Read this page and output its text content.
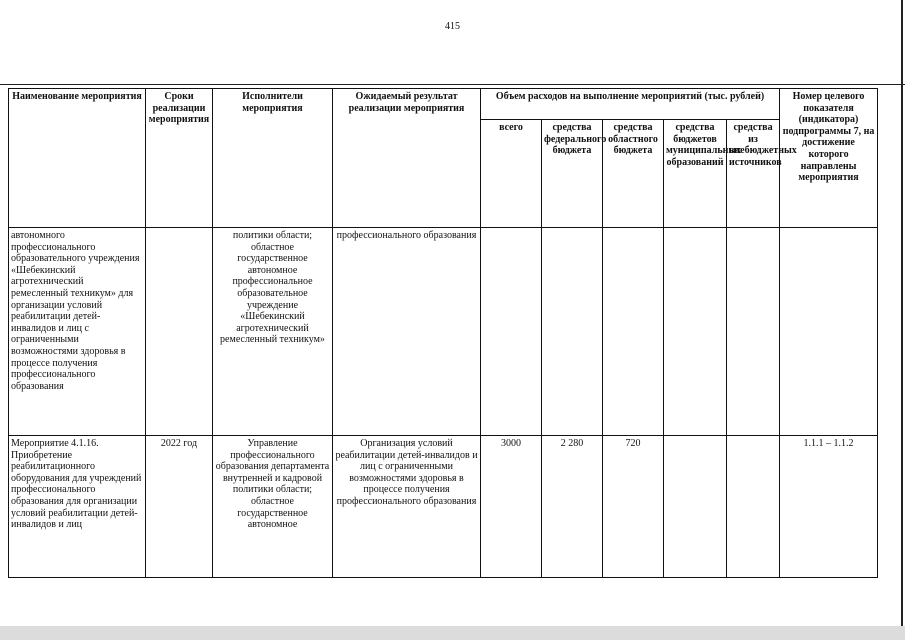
415
Наименование мероприятия	Сроки реализации мероприятия	Исполнители мероприятия	Ожидаемый результат реализации мероприятия	Объем расходов на выполнение мероприятий (тыс. рублей)					Номер целевого показателя (индикатора) подпрограммы 7, на достижение которого направлены мероприятия
				всего	средства федерального бюджета	средства областного бюджета	средства бюджетов муниципальных образований	средства из внебюджетных источников	
автономного профессионального образовательного учреждения «Шебекинский агротехнический ремесленный техникум» для организации условий реабилитации детей-инвалидов и лиц с ограниченными возможностями здоровья в процессе получения профессионального образования		политики области; областное государственное автономное профессиональное образовательное учреждение «Шебекинский агротехнический ремесленный техникум»	профессионального образования						
Мероприятие 4.1.16. Приобретение реабилитационного оборудования для учреждений профессионального образования для организации условий реабилитации детей-инвалидов и лиц	2022 год	Управление профессионального образования департамента внутренней и кадровой политики области; областное государственное автономное	Организация условий реабилитации детей-инвалидов и лиц с ограниченными возможностями здоровья в процессе получения профессионального образования	3000	2 280	720			1.1.1 – 1.1.2
